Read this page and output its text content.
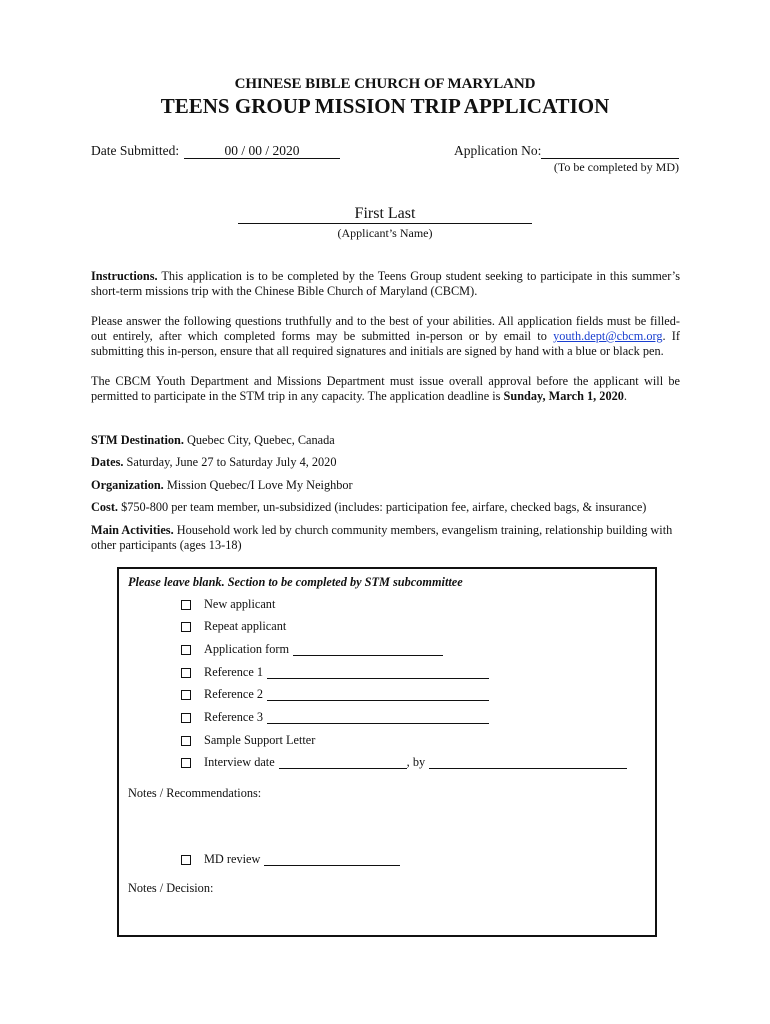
CHINESE BIBLE CHURCH OF MARYLAND
TEENS GROUP MISSION TRIP APPLICATION
Date Submitted:	00 / 00 / 2020	Application No:
(To be completed by MD)
First Last
(Applicant’s Name)
Instructions. This application is to be completed by the Teens Group student seeking to participate in this summer’s short-term missions trip with the Chinese Bible Church of Maryland (CBCM).
Please answer the following questions truthfully and to the best of your abilities. All application fields must be filled-out entirely, after which completed forms may be submitted in-person or by email to youth.dept@cbcm.org. If submitting this in-person, ensure that all required signatures and initials are signed by hand with a blue or black pen.
The CBCM Youth Department and Missions Department must issue overall approval before the applicant will be permitted to participate in the STM trip in any capacity. The application deadline is Sunday, March 1, 2020.
STM Destination. Quebec City, Quebec, Canada
Dates. Saturday, June 27 to Saturday July 4, 2020
Organization. Mission Quebec/I Love My Neighbor
Cost. $750-800 per team member, un-subsidized (includes: participation fee, airfare, checked bags, & insurance)
Main Activities. Household work led by church community members, evangelism training, relationship building with other participants (ages 13-18)
Please leave blank. Section to be completed by STM subcommittee
New applicant
Repeat applicant
Application form
Reference 1
Reference 2
Reference 3
Sample Support Letter
Interview date	, by
Notes / Recommendations:
MD review
Notes / Decision:
